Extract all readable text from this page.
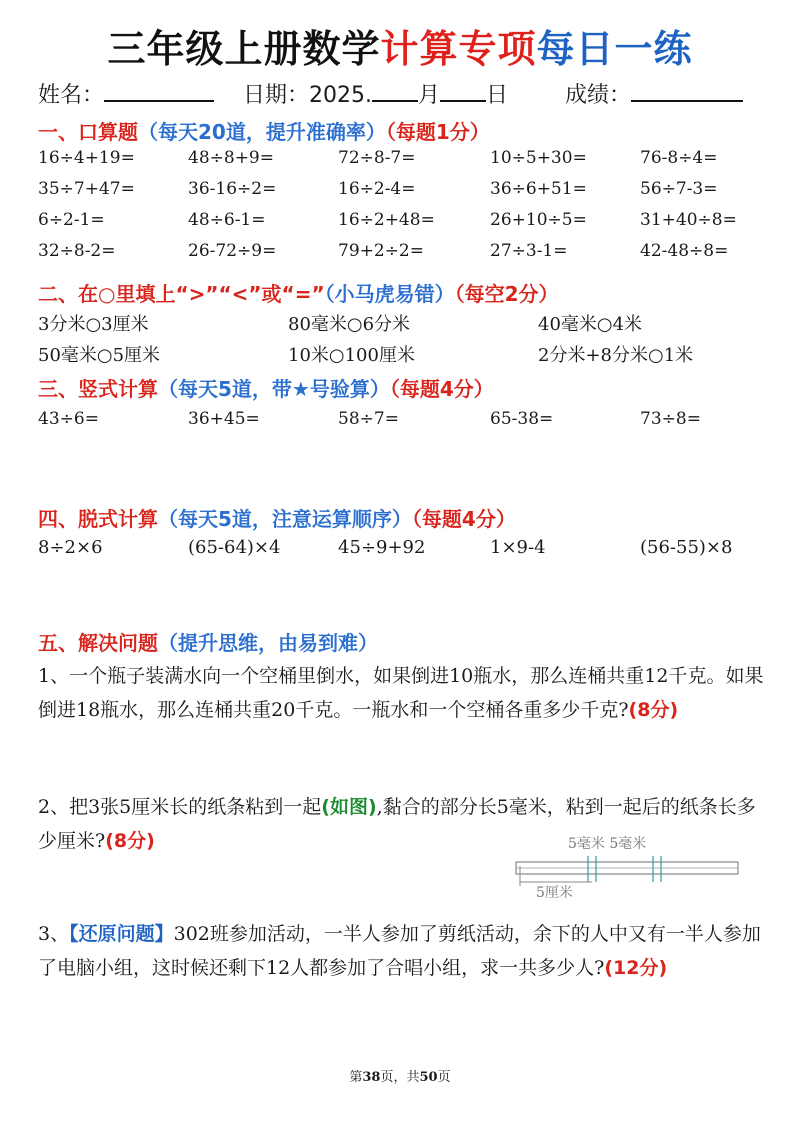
三年级上册数学计算专项每日一练
姓名：	日期：2025. 月 日	成绩：
一、口算题（每天20道，提升准确率）（每题1分）
16÷4+19=	48÷8+9=	72÷8-7=	10÷5+30=	76-8÷4=
35÷7+47=	36-16÷2=	16÷2-4=	36÷6+51=	56÷7-3=
6÷2-1=	48÷6-1=	16÷2+48=	26+10÷5=	31+40÷8=
32÷8-2=	26-72÷9=	79+2÷2=	27÷3-1=	42-48÷8=
二、在○里填上“>”“<”或“=”（小马虎易错）（每空2分）
3分米○3厘米	80毫米○6分米	40毫米○4米
50毫米○5厘米	10米○100厘米	2分米+8分米○1米
三、竖式计算（每天5道，带★号验算）（每题4分）
43÷6=	36+45=	58÷7=	65-38=	73÷8=
四、脱式计算（每天5道，注意运算顺序）（每题4分）
8÷2×6	(65-64)×4	45÷9+92	1×9-4	(56-55)×8
五、解决问题（提升思维，由易到难）
1、一个瓶子装满水向一个空桶里倒水，如果倒进10瓶水，那么连桶共重12千克。如果倒进18瓶水，那么连桶共重20千克。一瓶水和一个空桶各重多少千克?(8分)
2、把3张5厘米长的纸条粘到一起(如图),黏合的部分长5毫米，粘到一起后的纸条长多少厘米?(8分)	5毫米 5毫米
5厘米
3、【还原问题】302班参加活动，一半人参加了剪纸活动，余下的人中又有一半人参加了电脑小组，这时候还剩下12人都参加了合唱小组，求一共多少人?(12分)
第38页，共50页
